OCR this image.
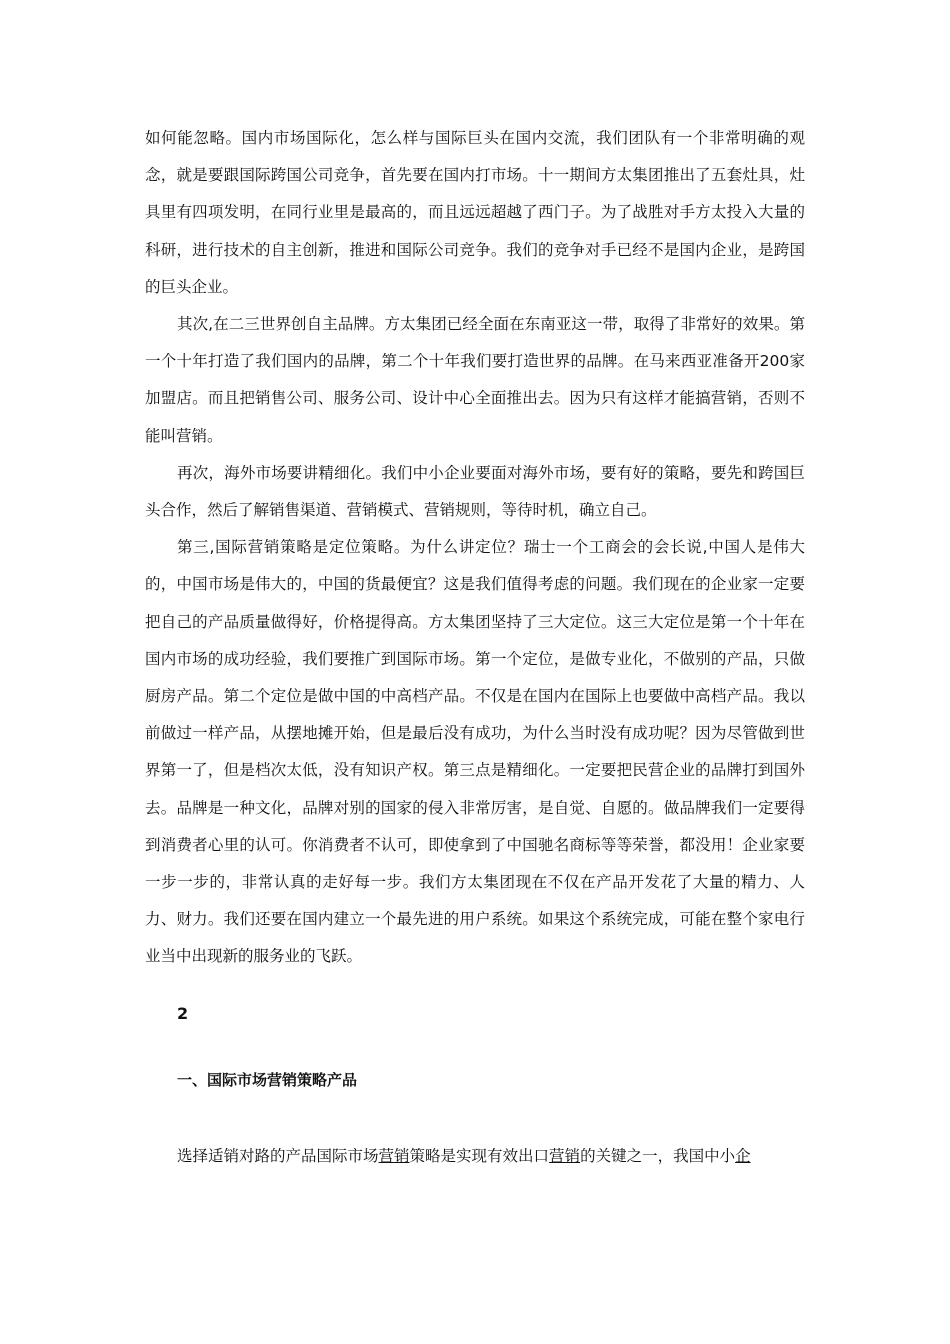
如何能忽略。国内市场国际化，怎么样与国际巨头在国内交流，我们团队有一个非常明确的观念，就是要跟国际跨国公司竞争，首先要在国内打市场。十一期间方太集团推出了五套灶具，灶具里有四项发明，在同行业里是最高的，而且远远超越了西门子。为了战胜对手方太投入大量的科研，进行技术的自主创新，推进和国际公司竞争。我们的竞争对手已经不是国内企业，是跨国的巨头企业。

其次,在二三世界创自主品牌。方太集团已经全面在东南亚这一带，取得了非常好的效果。第一个十年打造了我们国内的品牌，第二个十年我们要打造世界的品牌。在马来西亚准备开200家加盟店。而且把销售公司、服务公司、设计中心全面推出去。因为只有这样才能搞营销，否则不能叫营销。

再次，海外市场要讲精细化。我们中小企业要面对海外市场，要有好的策略，要先和跨国巨头合作，然后了解销售渠道、营销模式、营销规则，等待时机，确立自己。

第三,国际营销策略是定位策略。为什么讲定位？瑞士一个工商会的会长说,中国人是伟大的，中国市场是伟大的，中国的货最便宜？这是我们值得考虑的问题。我们现在的企业家一定要把自己的产品质量做得好，价格提得高。方太集团坚持了三大定位。这三大定位是第一个十年在国内市场的成功经验，我们要推广到国际市场。第一个定位，是做专业化，不做别的产品，只做厨房产品。第二个定位是做中国的中高档产品。不仅是在国内在国际上也要做中高档产品。我以前做过一样产品，从摆地摊开始，但是最后没有成功，为什么当时没有成功呢？因为尽管做到世界第一了，但是档次太低，没有知识产权。第三点是精细化。一定要把民营企业的品牌打到国外去。品牌是一种文化，品牌对别的国家的侵入非常厉害，是自觉、自愿的。做品牌我们一定要得到消费者心里的认可。你消费者不认可，即使拿到了中国驰名商标等等荣誉，都没用！企业家要一步一步的，非常认真的走好每一步。我们方太集团现在不仅在产品开发花了大量的精力、人力、财力。我们还要在国内建立一个最先进的用户系统。如果这个系统完成，可能在整个家电行业当中出现新的服务业的飞跃。

2
一、国际市场营销策略产品

选择适销对路的产品国际市场营销策略是实现有效出口营销的关键之一，我国中小企
